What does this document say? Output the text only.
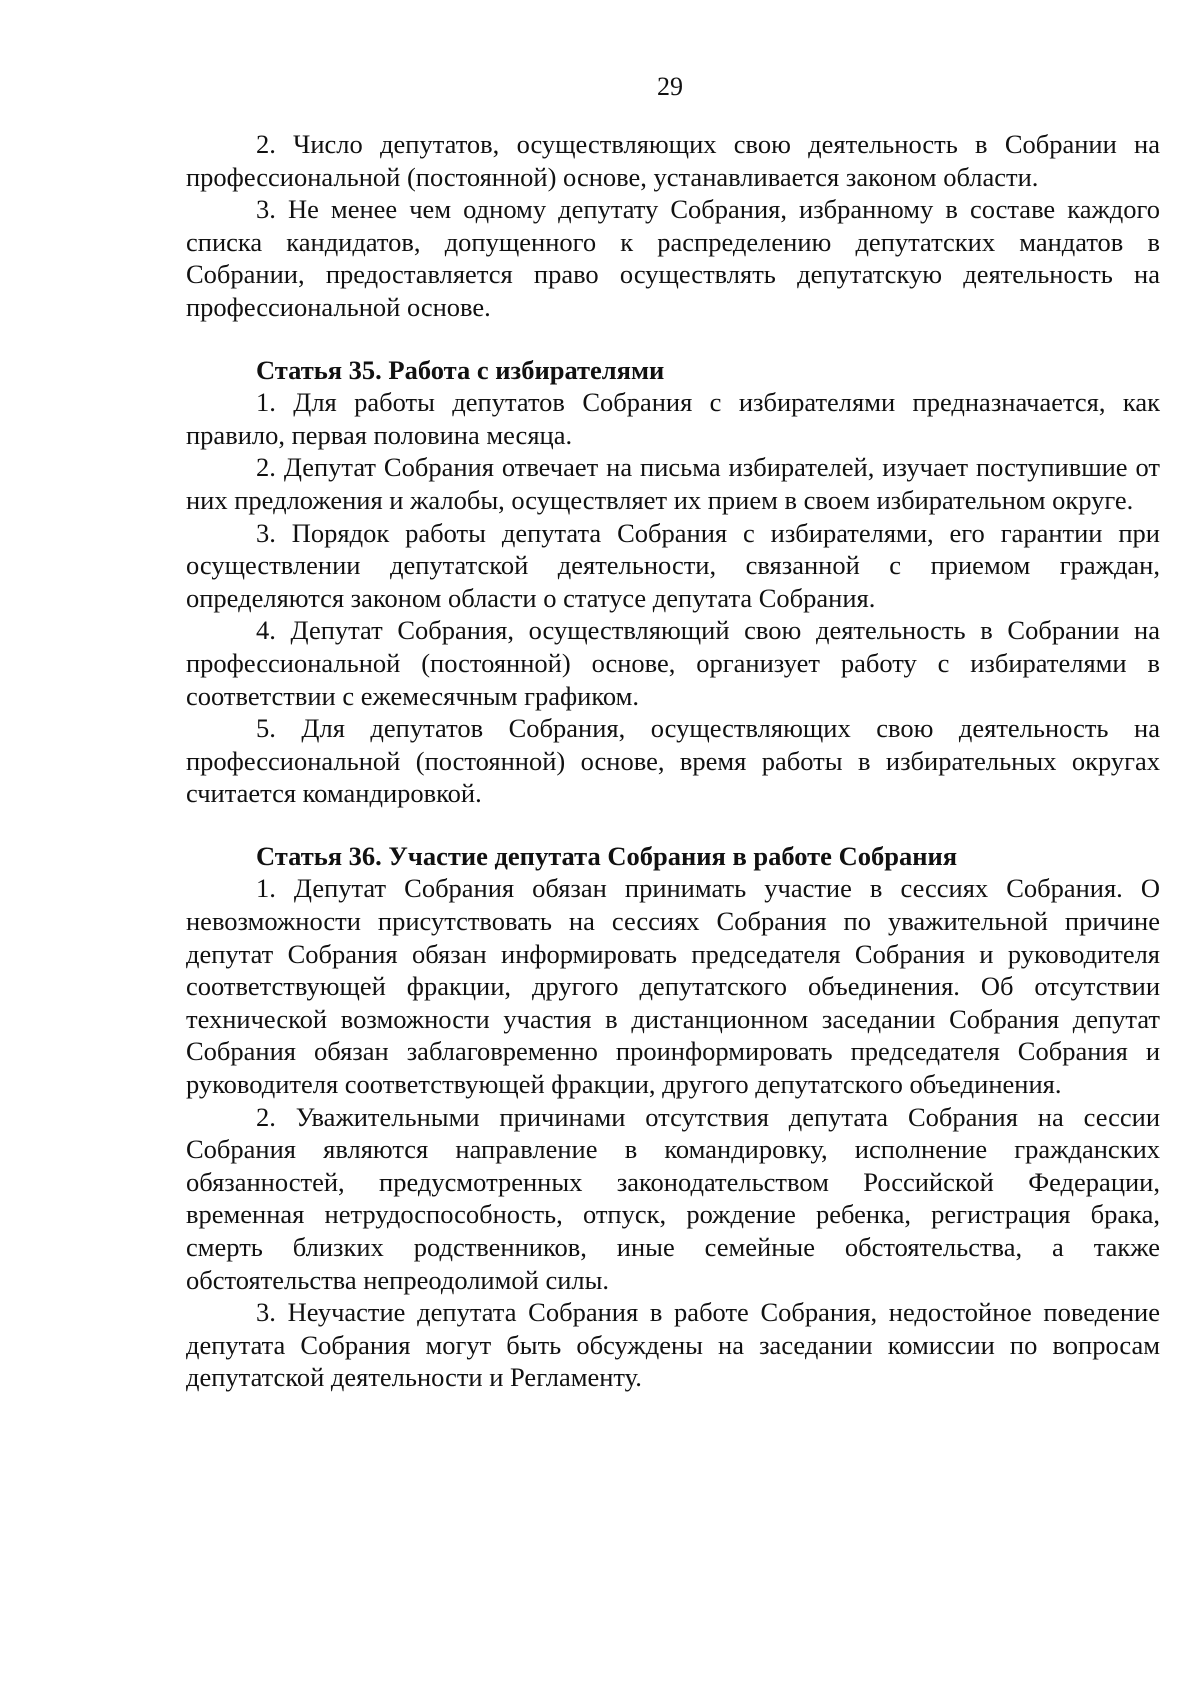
29

2. Число депутатов, осуществляющих свою деятельность в Собрании на профессиональной (постоянной) основе, устанавливается законом области.

3. Не менее чем одному депутату Собрания, избранному в составе каждого списка кандидатов, допущенного к распределению депутатских мандатов в Собрании, предоставляется право осуществлять депутатскую деятельность на профессиональной основе.

Статья 35. Работа с избирателями

1. Для работы депутатов Собрания с избирателями предназначается, как правило, первая половина месяца.

2. Депутат Собрания отвечает на письма избирателей, изучает поступившие от них предложения и жалобы, осуществляет их прием в своем избирательном округе.

3. Порядок работы депутата Собрания с избирателями, его гарантии при осуществлении депутатской деятельности, связанной с приемом граждан, определяются законом области о статусе депутата Собрания.

4. Депутат Собрания, осуществляющий свою деятельность в Собрании на профессиональной (постоянной) основе, организует работу с избирателями в соответствии с ежемесячным графиком.

5. Для депутатов Собрания, осуществляющих свою деятельность на профессиональной (постоянной) основе, время работы в избирательных округах считается командировкой.

Статья 36. Участие депутата Собрания в работе Собрания

1. Депутат Собрания обязан принимать участие в сессиях Собрания. О невозможности присутствовать на сессиях Собрания по уважительной причине депутат Собрания обязан информировать председателя Собрания и руководителя соответствующей фракции, другого депутатского объединения. Об отсутствии технической возможности участия в дистанционном заседании Собрания депутат Собрания обязан заблаговременно проинформировать председателя Собрания и руководителя соответствующей фракции, другого депутатского объединения.

2. Уважительными причинами отсутствия депутата Собрания на сессии Собрания являются направление в командировку, исполнение гражданских обязанностей, предусмотренных законодательством Российской Федерации, временная нетрудоспособность, отпуск, рождение ребенка, регистрация брака, смерть близких родственников, иные семейные обстоятельства, а также обстоятельства непреодолимой силы.

3. Неучастие депутата Собрания в работе Собрания, недостойное поведение депутата Собрания могут быть обсуждены на заседании комиссии по вопросам депутатской деятельности и Регламенту.
